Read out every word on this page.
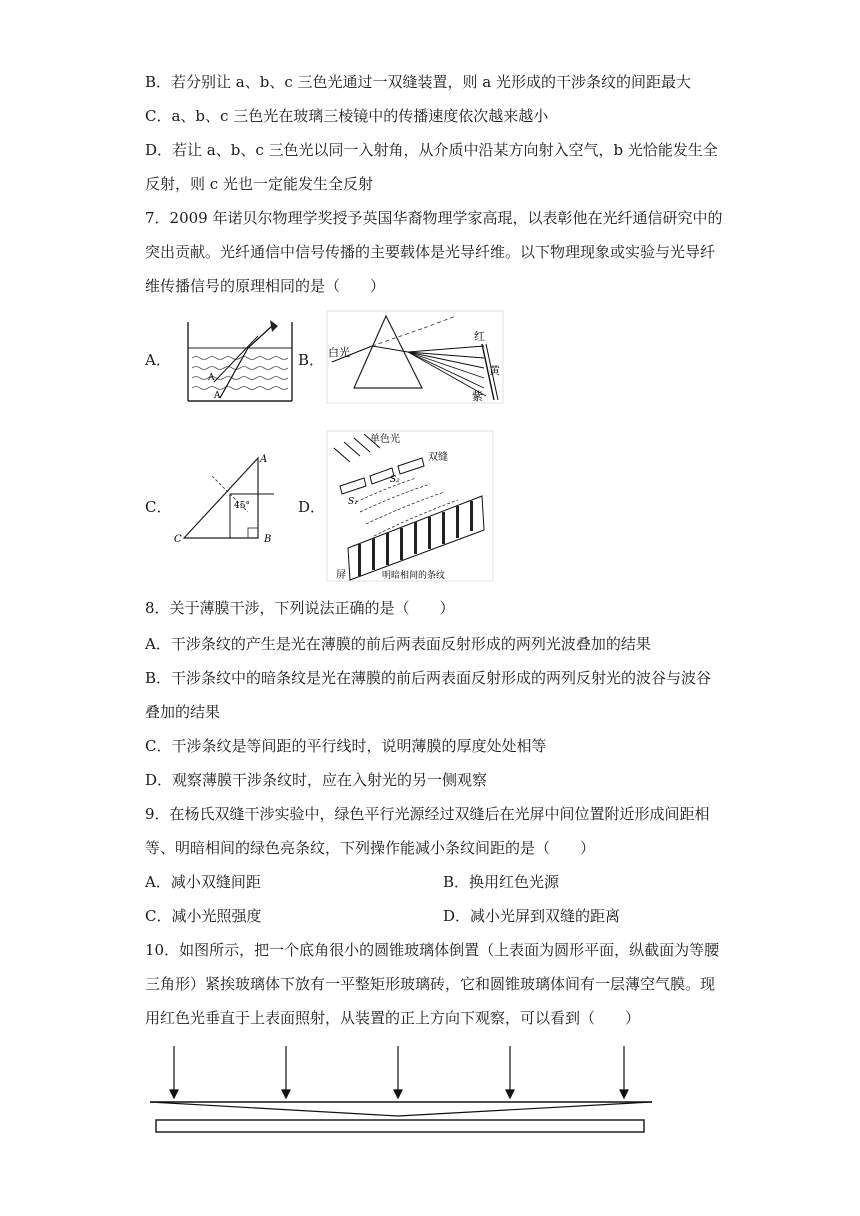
B．若分别让 a、b、c 三色光通过一双缝装置，则 a 光形成的干涉条纹的间距最大
C．a、b、c 三色光在玻璃三棱镜中的传播速度依次越来越小
D．若让 a、b、c 三色光以同一入射角，从介质中沿某方向射入空气，b 光恰能发生全
反射，则 c 光也一定能发生全反射
7．2009 年诺贝尔物理学奖授予英国华裔物理学家高琨，以表彰他在光纤通信研究中的
突出贡献。光纤通信中信号传播的主要载体是光导纤维。以下物理现象或实验与光导纤
维传播信号的原理相同的是（　　）
A．	B．
C．	D．
A
A
白光
红
黄
紫
A
B
C
45°
单色光
双缝
S₂
S₁
屏	明暗相间的条纹
8．关于薄膜干涉，下列说法正确的是（　　）
A．干涉条纹的产生是光在薄膜的前后两表面反射形成的两列光波叠加的结果
B．干涉条纹中的暗条纹是光在薄膜的前后两表面反射形成的两列反射光的波谷与波谷
叠加的结果
C．干涉条纹是等间距的平行线时，说明薄膜的厚度处处相等
D．观察薄膜干涉条纹时，应在入射光的另一侧观察
9．在杨氏双缝干涉实验中，绿色平行光源经过双缝后在光屏中间位置附近形成间距相
等、明暗相间的绿色亮条纹，下列操作能减小条纹间距的是（　　）
A．减小双缝间距	B．换用红色光源
C．减小光照强度	D．减小光屏到双缝的距离
10．如图所示，把一个底角很小的圆锥玻璃体倒置（上表面为圆形平面，纵截面为等腰
三角形）紧挨玻璃体下放有一平整矩形玻璃砖，它和圆锥玻璃体间有一层薄空气膜。现
用红色光垂直于上表面照射，从装置的正上方向下观察，可以看到（　　）
